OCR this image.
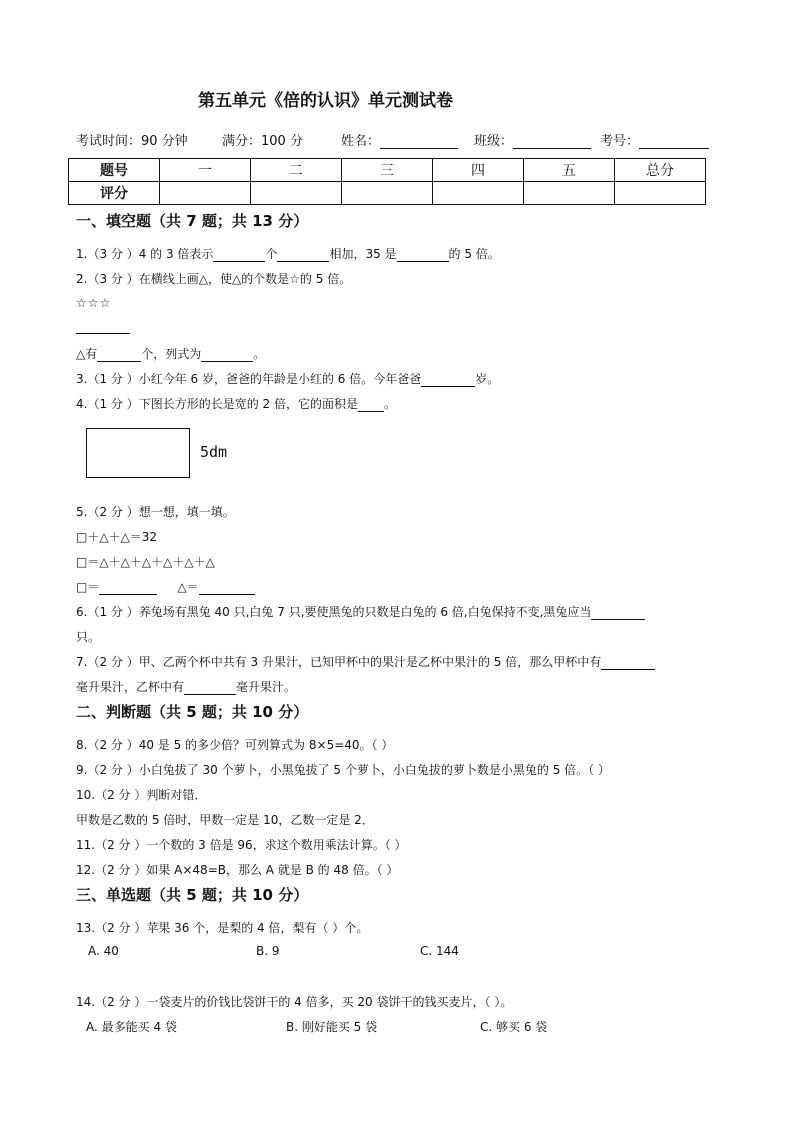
第五单元《倍的认识》单元测试卷
考试时间：90 分钟	满分：100 分	姓名：	班级：	考号：
题号	一	二	三	四	五	总分
评分						
一、填空题（共 7 题；共 13 分）
1.（3 分 ）4 的 3 倍表示	个	相加，35 是	的 5 倍。
2.（3 分 ）在横线上画△，使△的个数是☆的 5 倍。
☆☆☆
△有	个，列式为	。
3.（1 分 ）小红今年 6 岁，爸爸的年龄是小红的 6 倍。今年爸爸	岁。
4.（1 分 ）下图长方形的长是宽的 2 倍，它的面积是 。
5dm
5.（2 分 ）想一想，填一填。
□＋△＋△＝32
□＝△＋△＋△＋△＋△＋△
□＝	△＝
6.（1 分 ）养兔场有黑兔 40 只,白兔 7 只,要使黑兔的只数是白兔的 6 倍,白兔保持不变,黑兔应当
只。
7.（2 分 ）甲、乙两个杯中共有 3 升果汁，已知甲杯中的果汁是乙杯中果汁的 5 倍，那么甲杯中有
毫升果汁，乙杯中有	毫升果汁。
二、判断题（共 5 题；共 10 分）
8.（2 分 ）40 是 5 的多少倍？可列算式为 8×5=40。（ ）
9.（2 分 ）小白兔拔了 30 个萝卜，小黑兔拔了 5 个萝卜，小白兔拔的萝卜数是小黑兔的 5 倍。（ ）
10.（2 分 ）判断对错．
甲数是乙数的 5 倍时，甲数一定是 10，乙数一定是 2．
11.（2 分 ）一个数的 3 倍是 96，求这个数用乘法计算。（ ）
12.（2 分 ）如果 A×48=B，那么 A 就是 B 的 48 倍。（ ）
三、单选题（共 5 题；共 10 分）
13.（2 分 ）苹果 36 个，是梨的 4 倍，梨有（ ）个。
A. 40	B. 9	C. 144
14.（2 分 ）一袋麦片的价钱比袋饼干的 4 倍多，买 20 袋饼干的钱买麦片，（ ）。
A. 最多能买 4 袋	B. 刚好能买 5 袋	C. 够买 6 袋
